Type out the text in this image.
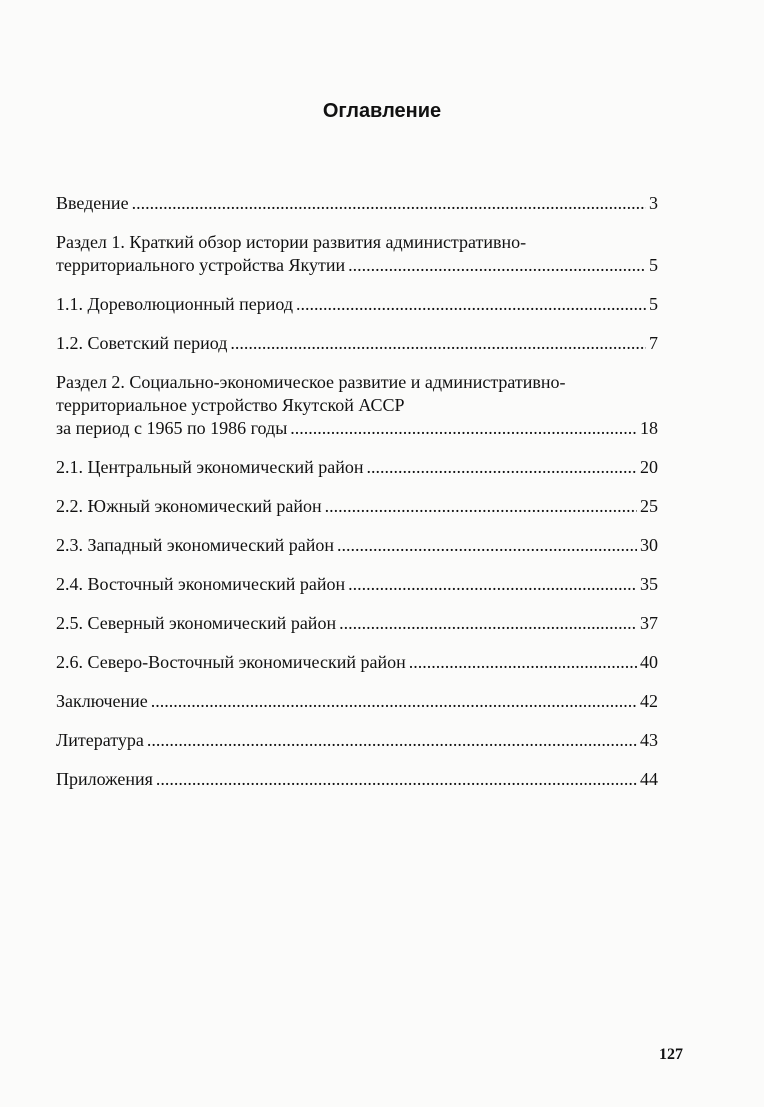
Оглавление
Введение .....	3
Раздел 1. Краткий обзор истории развития административно-
территориального устройства Якутии .....	5
1.1. Дореволюционный период .....	5
1.2. Советский период .....	7
Раздел 2. Социально-экономическое развитие и административно-
территориальное устройство Якутской АССР
за период с 1965 по 1986 годы .....	18
2.1. Центральный экономический район .....	20
2.2. Южный экономический район .....	25
2.3. Западный экономический район .....	30
2.4. Восточный экономический район .....	35
2.5. Северный экономический район .....	37
2.6. Северо-Восточный экономический район .....	40
Заключение .....	42
Литература .....	43
Приложения .....	44
127
